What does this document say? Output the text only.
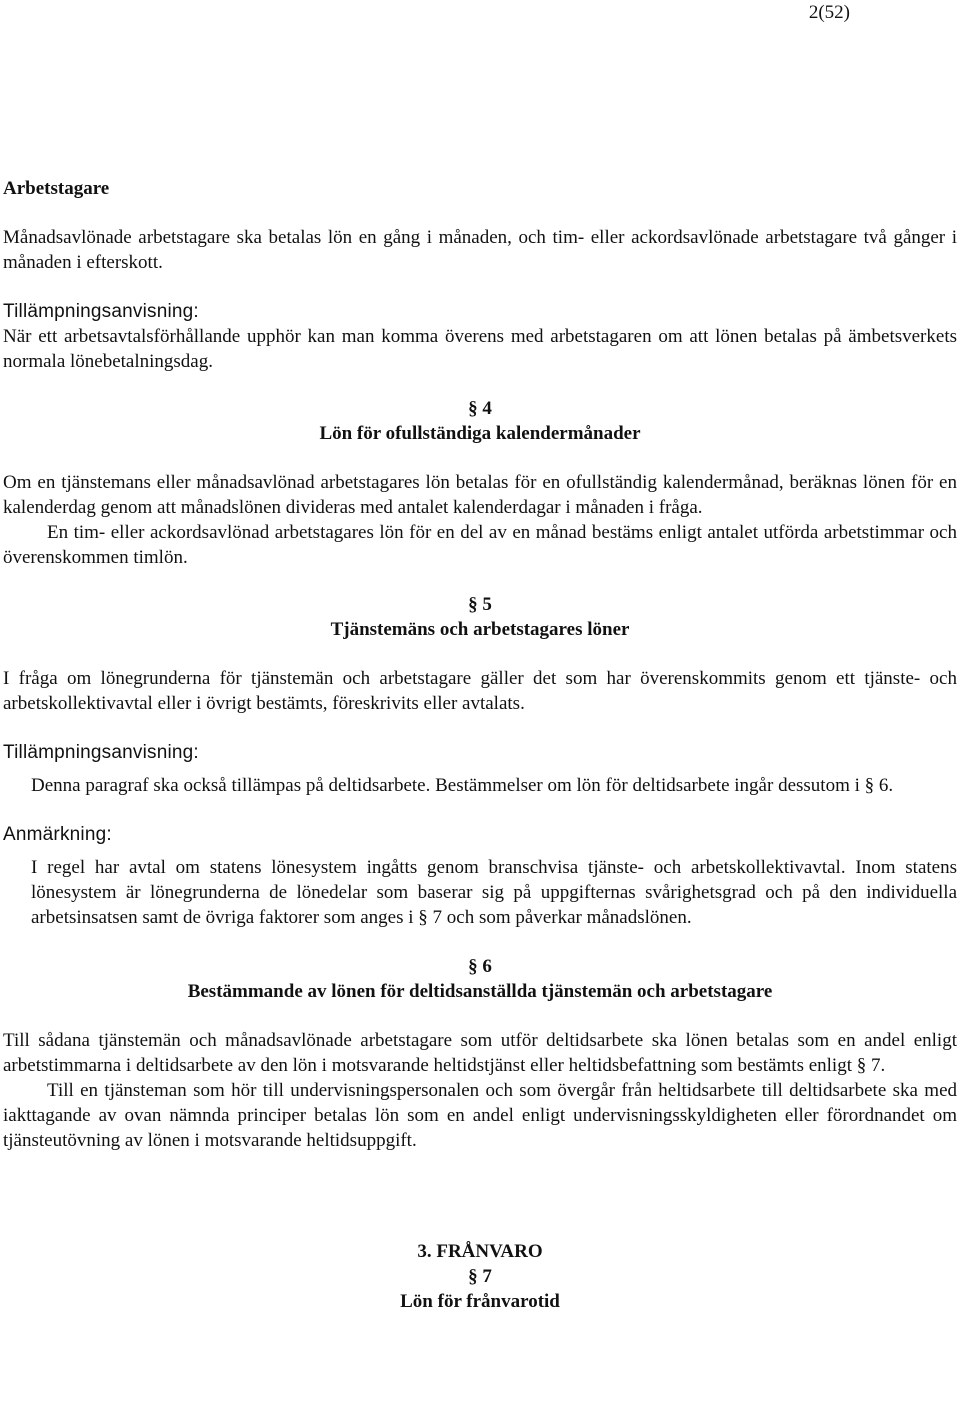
2(52)

Arbetstagare

Månadsavlönade arbetstagare ska betalas lön en gång i månaden, och tim- eller ackordsavlönade arbetstagare två gånger i månaden i efterskott.

Tillämpningsanvisning:

När ett arbetsavtalsförhållande upphör kan man komma överens med arbetstagaren om att lönen betalas på ämbetsverkets normala lönebetalningsdag.

§ 4

Lön för ofullständiga kalendermånader

Om en tjänstemans eller månadsavlönad arbetstagares lön betalas för en ofullständig kalendermånad, beräknas lönen för en kalenderdag genom att månadslönen divideras med antalet kalenderdagar i månaden i fråga.

En tim- eller ackordsavlönad arbetstagares lön för en del av en månad bestäms enligt antalet utförda arbetstimmar och överenskommen timlön.

§ 5

Tjänstemäns och arbetstagares löner

I fråga om lönegrunderna för tjänstemän och arbetstagare gäller det som har överenskommits genom ett tjänste- och arbetskollektivavtal eller i övrigt bestämts, föreskrivits eller avtalats.

Tillämpningsanvisning:

Denna paragraf ska också tillämpas på deltidsarbete. Bestämmelser om lön för deltidsarbete ingår dessutom i § 6.

Anmärkning:

I regel har avtal om statens lönesystem ingåtts genom branschvisa tjänste- och arbetskollektivavtal. Inom statens lönesystem är lönegrunderna de lönedelar som baserar sig på uppgifternas svårighetsgrad och på den individuella arbetsinsatsen samt de övriga faktorer som anges i § 7 och som påverkar månadslönen.

§ 6

Bestämmande av lönen för deltidsanställda tjänstemän och arbetstagare

Till sådana tjänstemän och månadsavlönade arbetstagare som utför deltidsarbete ska lönen betalas som en andel enligt arbetstimmarna i deltidsarbete av den lön i motsvarande heltidstjänst eller heltidsbefattning som bestämts enligt § 7.

Till en tjänsteman som hör till undervisningspersonalen och som övergår från heltidsarbete till deltidsarbete ska med iakttagande av ovan nämnda principer betalas lön som en andel enligt undervisningsskyldigheten eller förordnandet om tjänsteutövning av lönen i motsvarande heltidsuppgift.

3. FRÅNVARO

§ 7

Lön för frånvarotid
